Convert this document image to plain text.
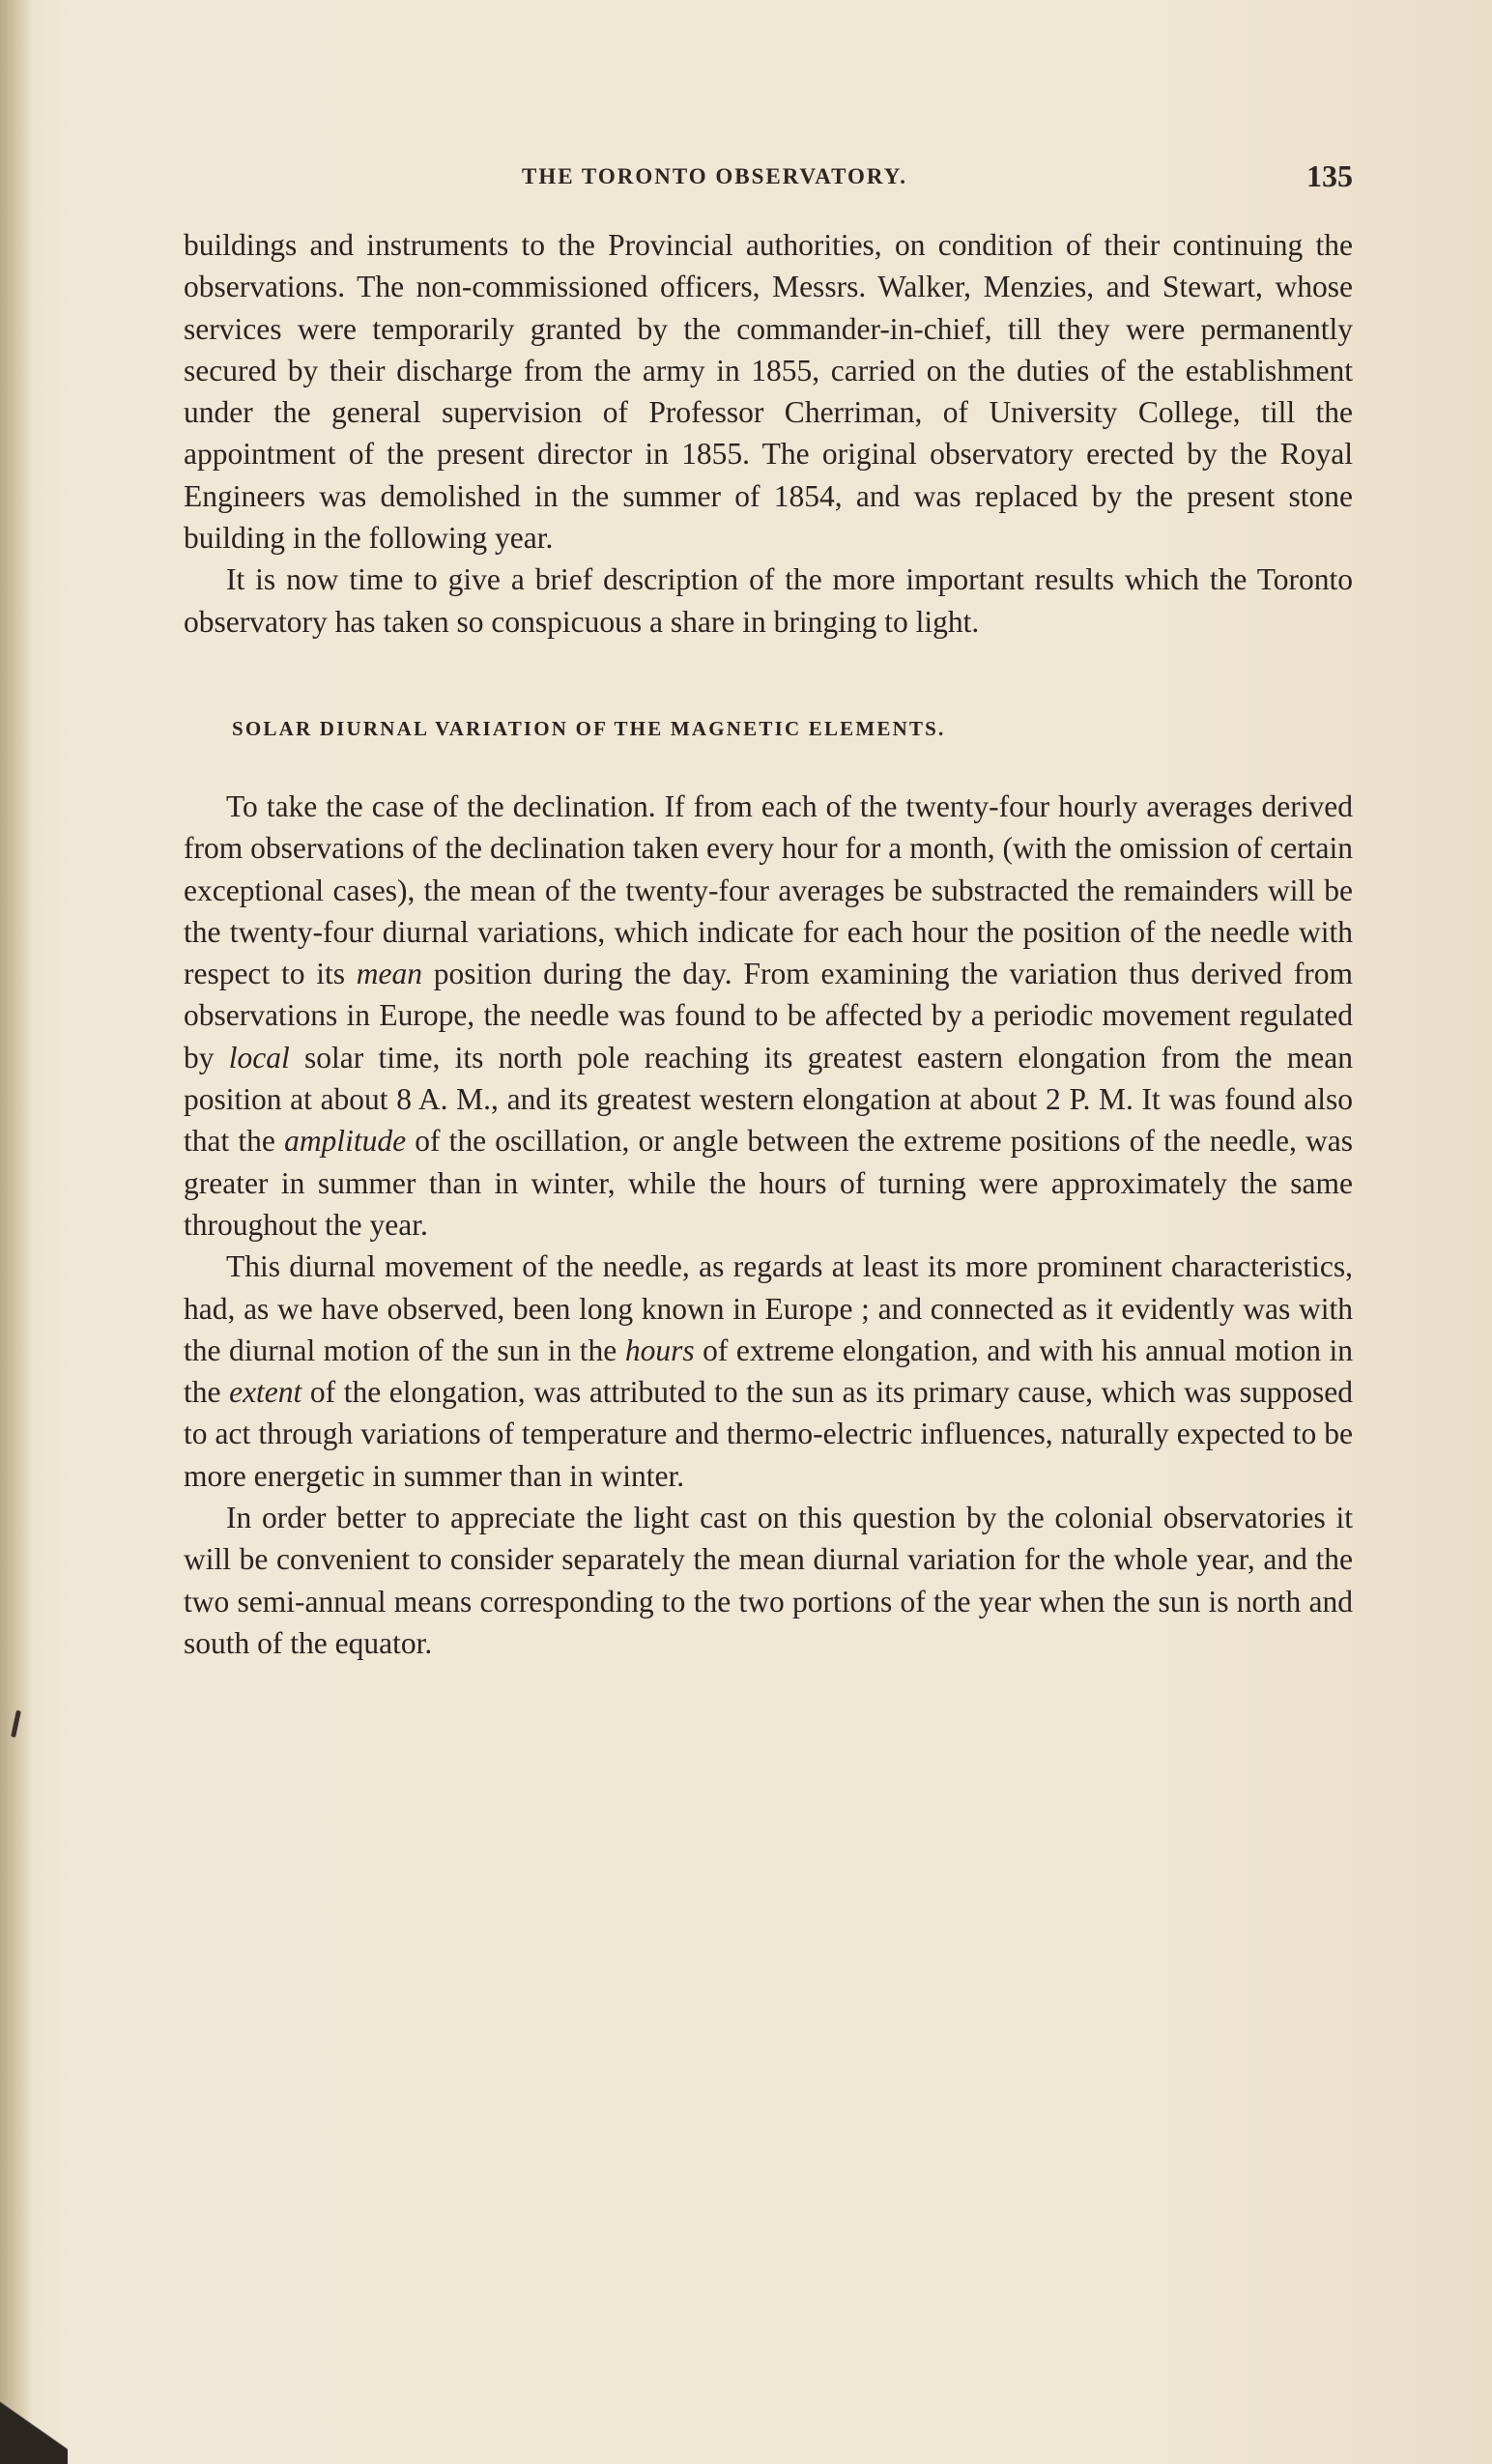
THE TORONTO OBSERVATORY.	135

buildings and instruments to the Provincial authorities, on condition of their continuing the observations. The non-commissioned officers, Messrs. Walker, Menzies, and Stewart, whose services were temporarily granted by the commander-in-chief, till they were permanently secured by their discharge from the army in 1855, carried on the duties of the establishment under the general supervision of Professor Cherriman, of University College, till the appointment of the present director in 1855. The original observatory erected by the Royal Engineers was demolished in the summer of 1854, and was replaced by the present stone building in the following year.

It is now time to give a brief description of the more important results which the Toronto observatory has taken so conspicuous a share in bringing to light.

SOLAR DIURNAL VARIATION OF THE MAGNETIC ELEMENTS.

To take the case of the declination. If from each of the twenty-four hourly averages derived from observations of the declination taken every hour for a month, (with the omission of certain exceptional cases), the mean of the twenty-four averages be substracted the remainders will be the twenty-four diurnal variations, which indicate for each hour the position of the needle with respect to its mean position during the day. From examining the variation thus derived from observations in Europe, the needle was found to be affected by a periodic movement regulated by local solar time, its north pole reaching its greatest eastern elongation from the mean position at about 8 A. M., and its greatest western elongation at about 2 P. M. It was found also that the amplitude of the oscillation, or angle between the extreme positions of the needle, was greater in summer than in winter, while the hours of turning were approximately the same throughout the year.

This diurnal movement of the needle, as regards at least its more prominent characteristics, had, as we have observed, been long known in Europe ; and connected as it evidently was with the diurnal motion of the sun in the hours of extreme elongation, and with his annual motion in the extent of the elongation, was attributed to the sun as its primary cause, which was supposed to act through variations of temperature and thermo-electric influences, naturally expected to be more energetic in summer than in winter.

In order better to appreciate the light cast on this question by the colonial observatories it will be convenient to consider separately the mean diurnal variation for the whole year, and the two semi-annual means corresponding to the two portions of the year when the sun is north and south of the equator.
